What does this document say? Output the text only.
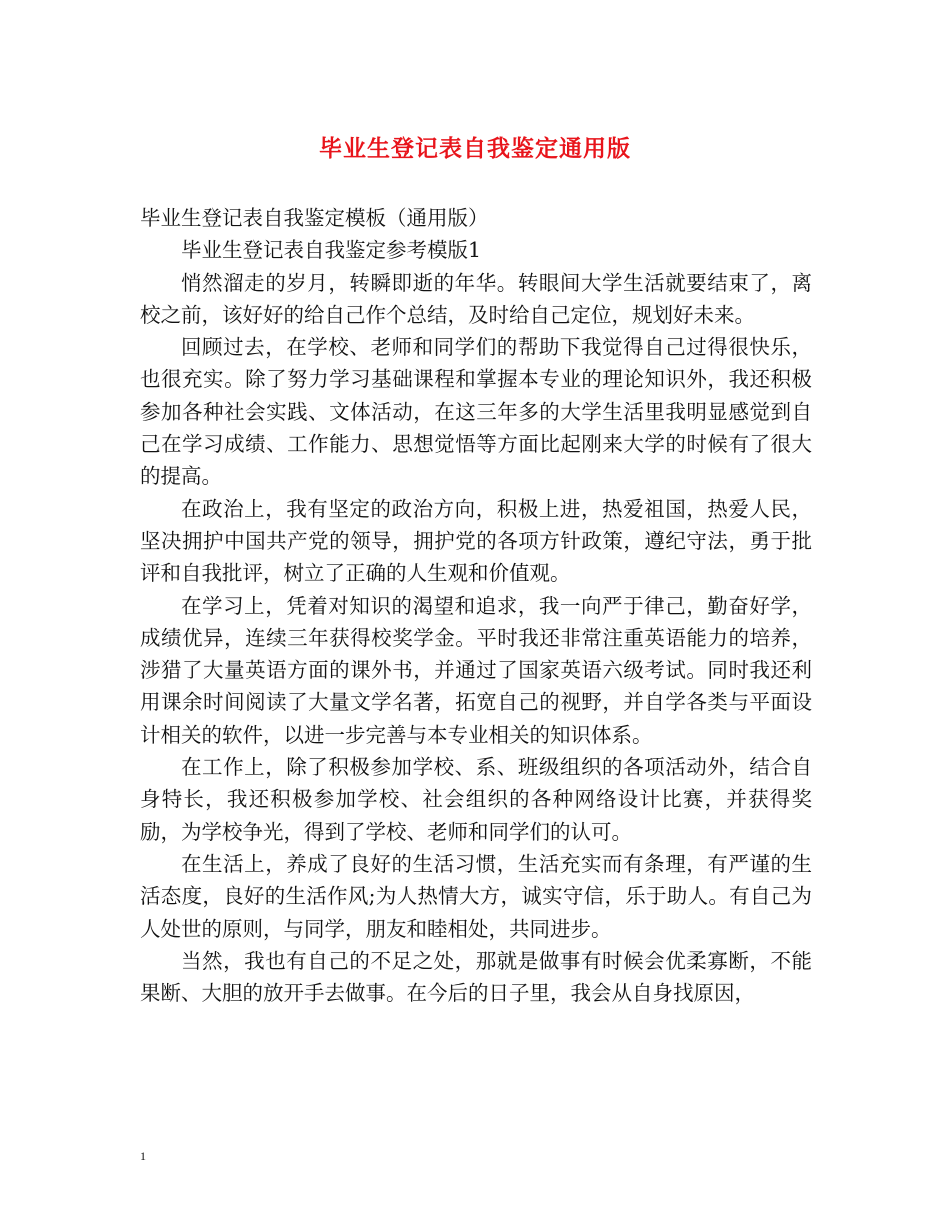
毕业生登记表自我鉴定通用版

毕业生登记表自我鉴定模板（通用版）

毕业生登记表自我鉴定参考模版1

悄然溜走的岁月，转瞬即逝的年华。转眼间大学生活就要结束了，离校之前，该好好的给自己作个总结，及时给自己定位，规划好未来。

回顾过去，在学校、老师和同学们的帮助下我觉得自己过得很快乐，也很充实。除了努力学习基础课程和掌握本专业的理论知识外，我还积极参加各种社会实践、文体活动，在这三年多的大学生活里我明显感觉到自己在学习成绩、工作能力、思想觉悟等方面比起刚来大学的时候有了很大的提高。

在政治上，我有坚定的政治方向，积极上进，热爱祖国，热爱人民，坚决拥护中国共产党的领导，拥护党的各项方针政策，遵纪守法，勇于批评和自我批评，树立了正确的人生观和价值观。

在学习上，凭着对知识的渴望和追求，我一向严于律己，勤奋好学，成绩优异，连续三年获得校奖学金。平时我还非常注重英语能力的培养，涉猎了大量英语方面的课外书，并通过了国家英语六级考试。同时我还利用课余时间阅读了大量文学名著，拓宽自己的视野，并自学各类与平面设计相关的软件，以进一步完善与本专业相关的知识体系。

在工作上，除了积极参加学校、系、班级组织的各项活动外，结合自身特长，我还积极参加学校、社会组织的各种网络设计比赛，并获得奖励，为学校争光，得到了学校、老师和同学们的认可。

在生活上，养成了良好的生活习惯，生活充实而有条理，有严谨的生活态度，良好的生活作风;为人热情大方，诚实守信，乐于助人。有自己为人处世的原则，与同学，朋友和睦相处，共同进步。

当然，我也有自己的不足之处，那就是做事有时候会优柔寡断，不能果断、大胆的放开手去做事。在今后的日子里，我会从自身找原因，

1
